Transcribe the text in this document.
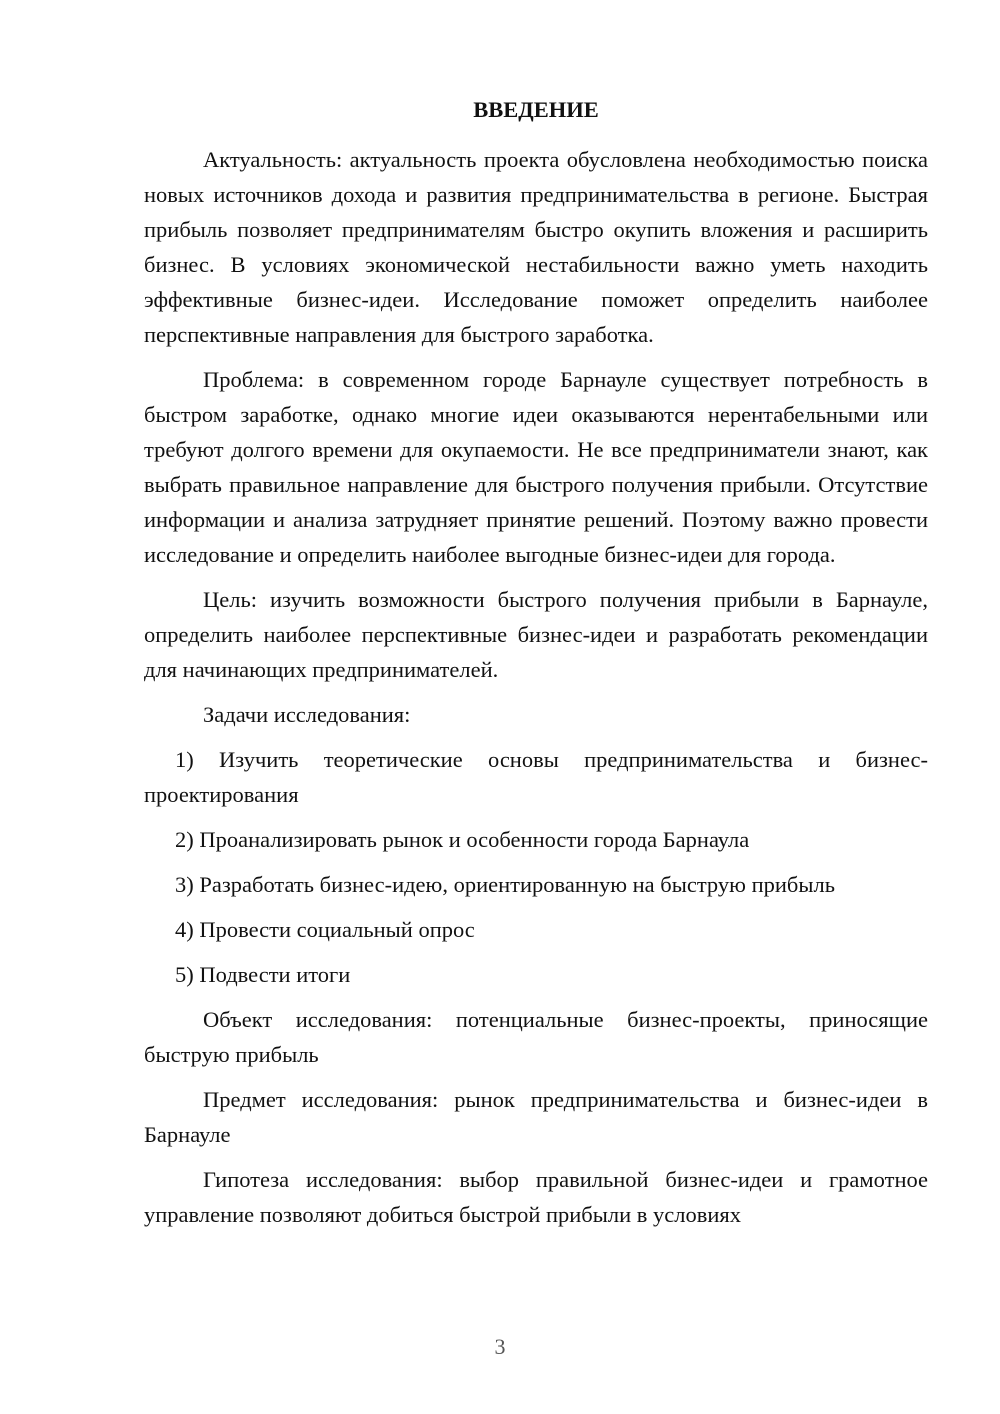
ВВЕДЕНИЕ

Актуальность: актуальность проекта обусловлена необходимостью поиска новых источников дохода и развития предпринимательства в регионе. Быстрая прибыль позволяет предпринимателям быстро окупить вложения и расширить бизнес. В условиях экономической нестабильности важно уметь находить эффективные бизнес-идеи. Исследование поможет определить наиболее перспективные направления для быстрого заработка.

Проблема: в современном городе Барнауле существует потребность в быстром заработке, однако многие идеи оказываются нерентабельными или требуют долгого времени для окупаемости. Не все предприниматели знают, как выбрать правильное направление для быстрого получения прибыли. Отсутствие информации и анализа затрудняет принятие решений. Поэтому важно провести исследование и определить наиболее выгодные бизнес-идеи для города.

Цель: изучить возможности быстрого получения прибыли в Барнауле, определить наиболее перспективные бизнес-идеи и разработать рекомендации для начинающих предпринимателей.

Задачи исследования:

1) Изучить теоретические основы предпринимательства и бизнес-проектирования

2) Проанализировать рынок и особенности города Барнаула

3) Разработать бизнес-идею, ориентированную на быструю прибыль

4) Провести социальный опрос

5) Подвести итоги

Объект исследования: потенциальные бизнес-проекты, приносящие быструю прибыль

Предмет исследования: рынок предпринимательства и бизнес-идеи в Барнауле

Гипотеза исследования: выбор правильной бизнес-идеи и грамотное управление позволяют добиться быстрой прибыли в условиях

3
